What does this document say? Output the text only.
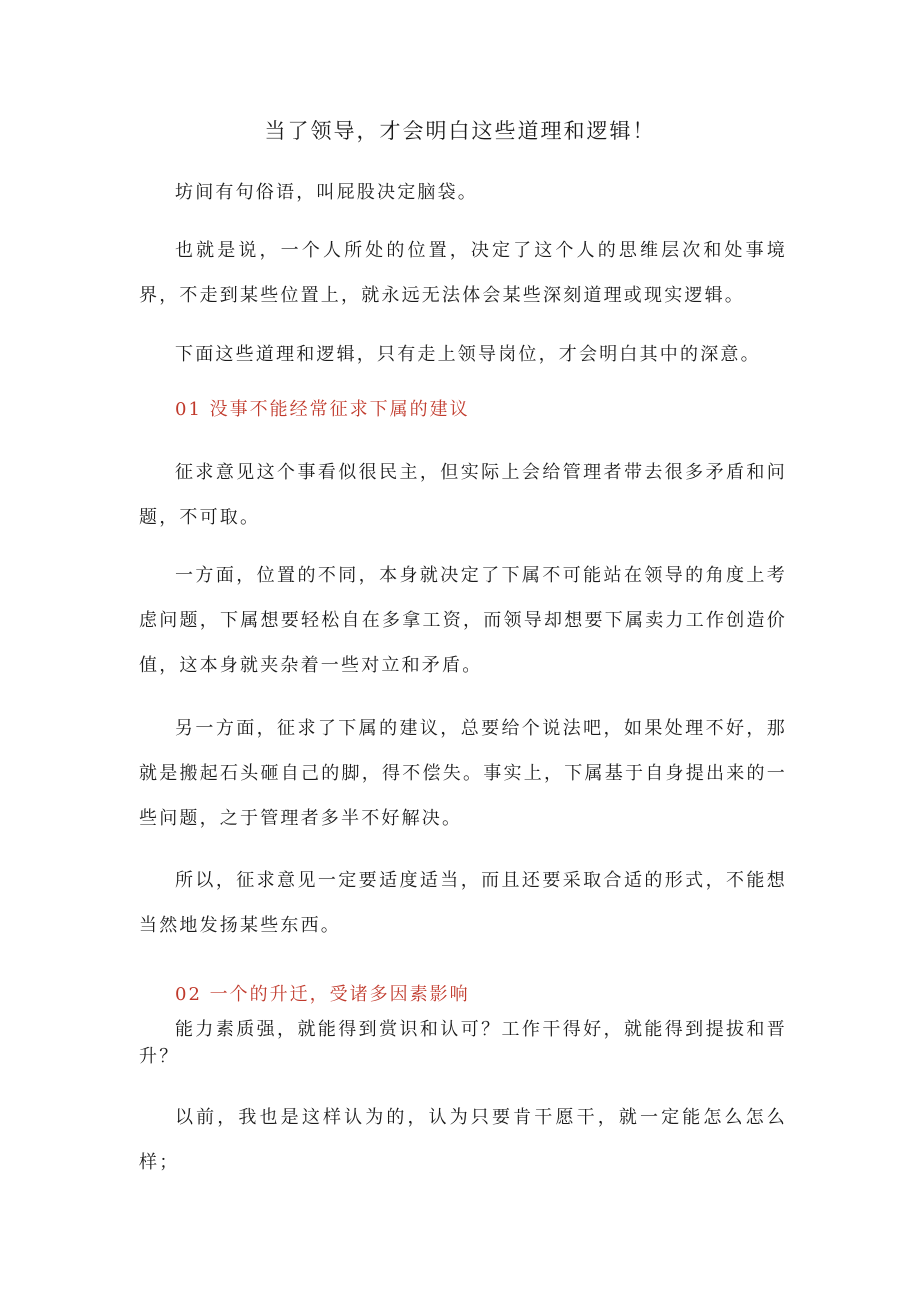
当了领导，才会明白这些道理和逻辑！

坊间有句俗语，叫屁股决定脑袋。

也就是说，一个人所处的位置，决定了这个人的思维层次和处事境界，不走到某些位置上，就永远无法体会某些深刻道理或现实逻辑。

下面这些道理和逻辑，只有走上领导岗位，才会明白其中的深意。

01 没事不能经常征求下属的建议

征求意见这个事看似很民主，但实际上会给管理者带去很多矛盾和问题，不可取。

一方面，位置的不同，本身就决定了下属不可能站在领导的角度上考虑问题，下属想要轻松自在多拿工资，而领导却想要下属卖力工作创造价值，这本身就夹杂着一些对立和矛盾。

另一方面，征求了下属的建议，总要给个说法吧，如果处理不好，那就是搬起石头砸自己的脚，得不偿失。事实上，下属基于自身提出来的一些问题，之于管理者多半不好解决。

所以，征求意见一定要适度适当，而且还要采取合适的形式，不能想当然地发扬某些东西。

02 一个的升迁，受诸多因素影响

能力素质强，就能得到赏识和认可？工作干得好，就能得到提拔和晋升？

以前，我也是这样认为的，认为只要肯干愿干，就一定能怎么怎么样；
